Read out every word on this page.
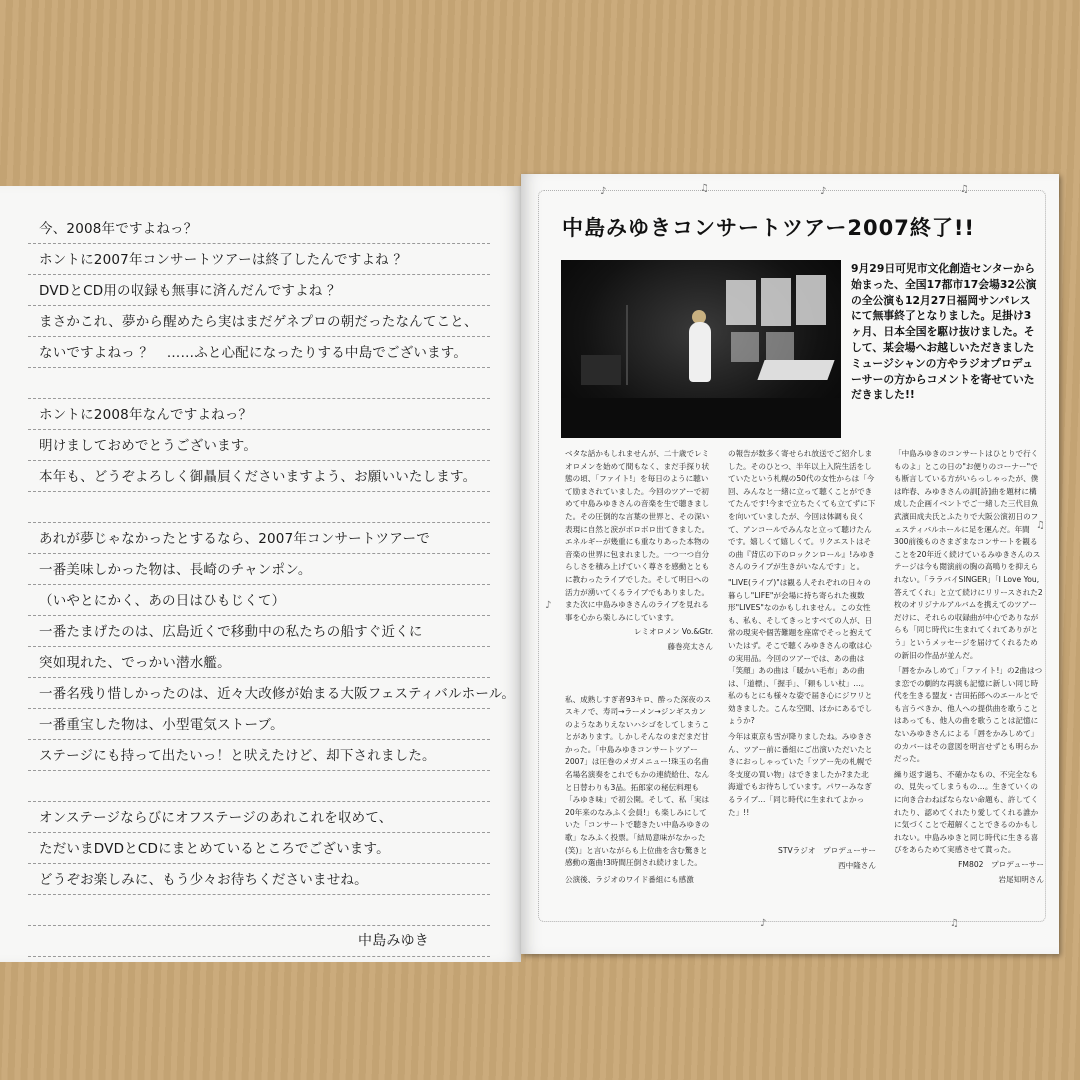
今、2008年ですよねっ？
ホントに2007年コンサートツアーは終了したんですよね ？
DVDとCD用の収録も無事に済んだんですよね ？
まさかこれ、夢から醒めたら実はまだゲネプロの朝だったなんてこと、
ないですよねっ ？　……ふと心配になったりする中島でございます。
ホントに2008年なんですよねっ？
明けましておめでとうございます。
本年も、どうぞよろしく御贔屓くださいますよう、お願いいたします。
あれが夢じゃなかったとするなら、2007年コンサートツアーで
一番美味しかった物は、長崎のチャンポン。
（いやとにかく、あの日はひもじくて）
一番たまげたのは、広島近くで移動中の私たちの船すぐ近くに
突如現れた、でっかい潜水艦。
一番名残り惜しかったのは、近々大改修が始まる大阪フェスティバルホール。
一番重宝した物は、小型電気ストーブ。
ステージにも持って出たいっ！と吠えたけど、却下されました。
オンステージならびにオフステージのあれこれを収めて、
ただいまDVDとCDにまとめているところでございます。
どうぞお楽しみに、もう少々お待ちくださいませね。
中島みゆき
♪	♫	♪	♫
♪
♫
♪	♫
中島みゆきコンサートツアー2007終了!!
9月29日可児市文化創造センターから始まった、全国17都市17会場32公演の全公演も12月27日福岡サンパレスにて無事終了となりました。足掛け3ヶ月、日本全国を駆け抜けました。そして、某会場へお越しいただきましたミュージシャンの方やラジオプロデューサーの方からコメントを寄せていただきました!!

ベタな話かもしれませんが、二十歳でレミオロメンを始めて間もなく、まだ手探り状態の頃、「ファイト!」を毎日のように聴いて励まされていました。今回のツアーで初めて中島みゆきさんの音楽を生で聴きました。その圧倒的な言葉の世界と、その深い表現に自然と涙がボロボロ出てきました。エネルギーが幾重にも重なりあった本物の音楽の世界に包まれました。一つ一つ自分らしさを積み上げていく尊さを感動とともに教わったライブでした。そして明日への活力が湧いてくるライブでもありました。また次に中島みゆきさんのライブを見れる事を心から楽しみにしています。

レミオロメン Vo.&Gtr.

藤巻亮太さん

私、成熟しすぎ者93キロ、酔った深夜のススキノで、寿司→ラーメン→ジンギスカンのようなありえないハシゴをしてしまうことがあります。しかしそんなのまだまだ甘かった。「中島みゆきコンサートツアー2007」は圧巻のメガメニュー!珠玉の名曲名場名演奏をこれでもかの連続給仕、なんと日替わりも3品。拓郎家の秘伝料理も「みゆき味」で初公開。そして、私「実は20年来のなみふく会員!」も楽しみにしていた「コンサートで聴きたい中島みゆきの歌」なみふく投票。「結局意味がなかった(笑)」と言いながらも上位曲を含む驚きと感動の選曲!3時間圧倒され続けました。

公演後、ラジオのワイド番組にも感激

の報告が数多く寄せられ放送でご紹介しました。そのひとつ、半年以上入院生活をしていたという札幌の50代の女性からは「今回、みんなと一緒に立って聴くことができてたんです!今まで立ちたくても立てずに下を向いていましたが、今回は体調も良くて、アンコールでみんなと立って聴けたんです。嬉しくて嬉しくて。リクエストはその曲『背広の下のロックンロール』!みゆきさんのライブが生きがいなんです」と。

"LIVE(ライブ)"は観る人それぞれの日々の暮らし"LIFE"が会場に持ち寄られた複数形"LIVES"なのかもしれません。この女性も、私も、そしてきっとすべての人が、日常の現実や個苦難題を座席でそっと抱えていたはず。そこで聴くみゆきさんの歌は心の実用品。今回のツアーでは、あの曲は「笑顔」あの曲は「暖かい毛布」あの曲は、「道標」、「握手」、「頼もしい杖」…。私のもとにも様々な姿で届き心にジワリと効きました。こんな空間、ほかにあるでしょうか?

今年は東京も雪が降りましたね。みゆきさん、ツアー前に番組にご出演いただいたときにおっしゃっていた「ツアー先の札幌で冬支度の買い物」はできましたか?また北海道でもお待ちしています。パワーみなぎるライブ…「同じ時代に生まれてよかった」!!

STVラジオ　プロデューサー

西中隆さん

「中島みゆきのコンサートはひとりで行くものよ」とこの日の"お便りのコーナー"でも断言している方がいらっしゃったが、僕は昨春、みゆきさんの訓[詩]曲を題材に構成した企画イベントでご一緒した三代目魚武濱田成夫氏とふたりで大阪公演初日のフェスティバルホールに足を運んだ。年間300前後ものさまざまなコンサートを観ることを20年近く続けているみゆきさんのステージは今も閲演前の胸の高鳴りを抑えられない。「ララバイSINGER」「I Love You, 答えてくれ」と立て続けにリリースされた2枚のオリジナルアルバムを携えてのツアーだけに、それらの収録曲が中心でありながらも「同じ時代に生まれてくれてありがとう」というメッセージを届けてくれるための新旧の作品が並んだ。

「唇をかみしめて」「ファイト!」の2曲はつま恋での劇的な再演も記憶に新しい同じ時代を生きる盟友・吉田拓郎へのエールとでも言うべきか、他人への提供曲を歌うことはあっても、他人の曲を歌うことは記憶にないみゆきさんによる「唇をかみしめて」のカバーはその意図を明言せずとも明らかだった。

繰り返す過ち、不確かなもの、不完全なもの、見失ってしまうもの…。生きていくのに向き合わねばならない命題も、許してくれたり、認めてくれたり愛してくれる誰かに気づくことで超解くことできるのかもしれない。中島みゆきと同じ時代に生きる喜びをあらためて実感させて貰った。

FM802　プロデューサー

岩尾知明さん
